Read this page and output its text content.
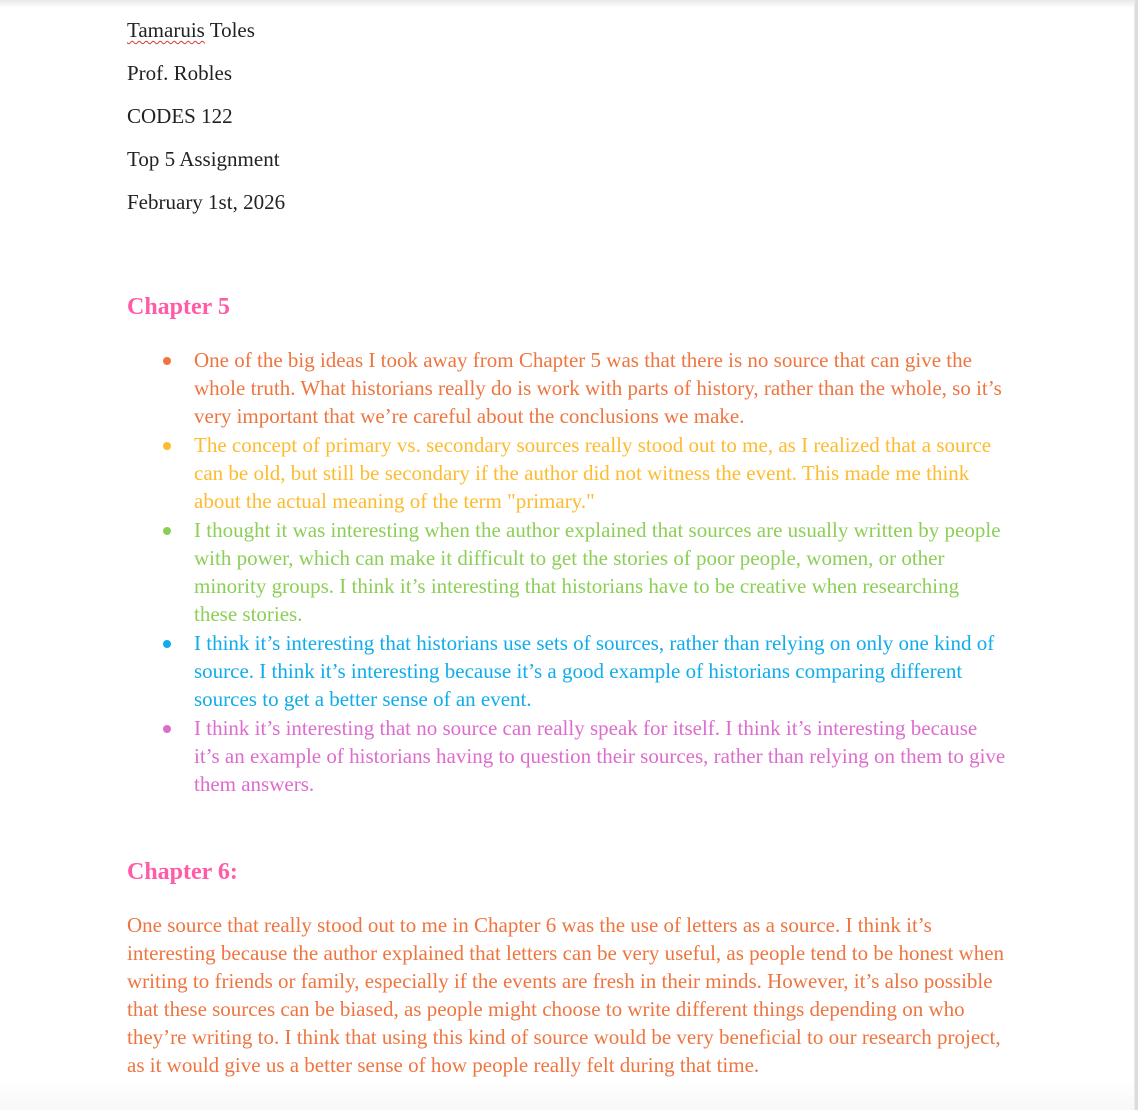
Tamaruis Toles

Prof. Robles

CODES 122

Top 5 Assignment

February 1st, 2026

Chapter 5
One of the big ideas I took away from Chapter 5 was that there is no source that can give the whole truth. What historians really do is work with parts of history, rather than the whole, so it’s very important that we’re careful about the conclusions we make.
The concept of primary vs. secondary sources really stood out to me, as I realized that a source can be old, but still be secondary if the author did not witness the event. This made me think about the actual meaning of the term "primary."
I thought it was interesting when the author explained that sources are usually written by people with power, which can make it difficult to get the stories of poor people, women, or other minority groups. I think it’s interesting that historians have to be creative when researching these stories.
I think it’s interesting that historians use sets of sources, rather than relying on only one kind of source. I think it’s interesting because it’s a good example of historians comparing different sources to get a better sense of an event.
I think it’s interesting that no source can really speak for itself. I think it’s interesting because it’s an example of historians having to question their sources, rather than relying on them to give them answers.
Chapter 6:

One source that really stood out to me in Chapter 6 was the use of letters as a source. I think it’s interesting because the author explained that letters can be very useful, as people tend to be honest when writing to friends or family, especially if the events are fresh in their minds. However, it’s also possible that these sources can be biased, as people might choose to write different things depending on who they’re writing to. I think that using this kind of source would be very beneficial to our research project, as it would give us a better sense of how people really felt during that time.
